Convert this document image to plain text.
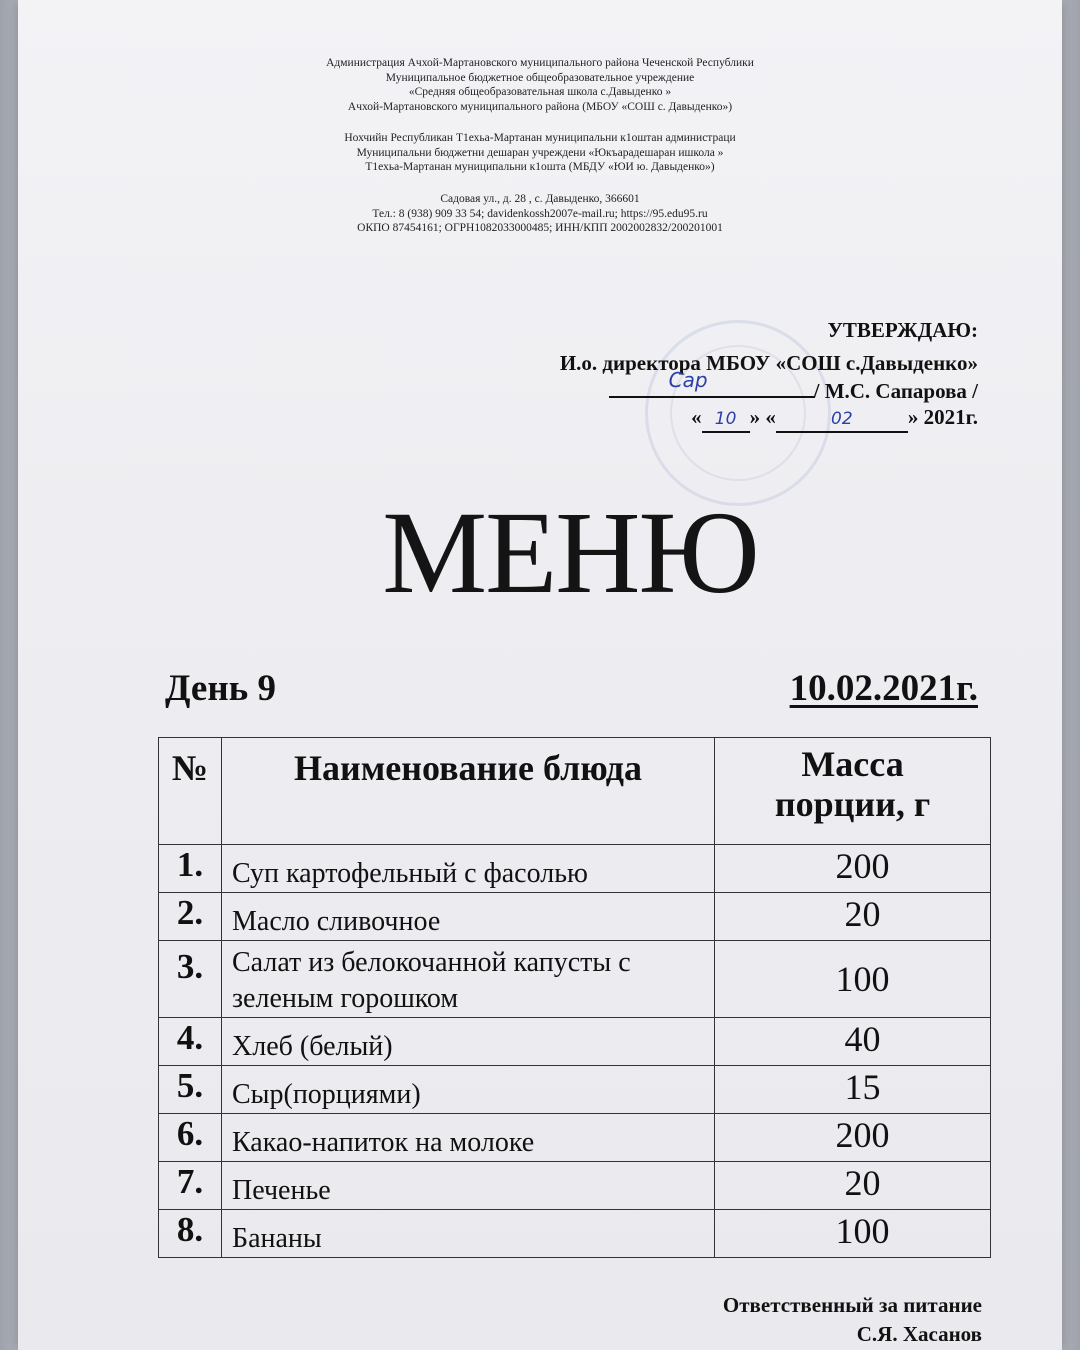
Администрация Ачхой-Мартановского муниципального района Чеченской Республики
Муниципальное бюджетное общеобразовательное учреждение
«Средняя общеобразовательная школа с.Давыденко »
Ачхой-Мартановского муниципального района (МБОУ «СОШ с. Давыденко»)
Нохчийн Республикан Т1ехьа-Мартанан муниципальни к1оштан администраци
Муниципальни бюджетни дешаран учреждени «Юкъарадешаран ишкола »
Т1ехьа-Мартанан муниципальни к1ошта (МБДУ «ЮИ ю. Давыденко»)
Садовая ул., д. 28 , с. Давыденко, 366601
Тел.: 8 (938) 909 33 54; davidenkossh2007e-mail.ru; https://95.edu95.ru
ОКПО 87454161; ОГРН1082033000485; ИНН/КПП 2002002832/200201001
УТВЕРЖДАЮ:
И.о. директора МБОУ «СОШ с.Давыденко»
Сар	/ М.С. Сапарова /
« 10 » «	02	» 2021г.
МЕНЮ
День 9	10.02.2021г.
№	Наименование блюда	Масса
порции, г

1.	Суп картофельный с фасолью	200
2.	Масло сливочное	20
3.	Салат из белокочанной капусты с
зеленым горошком	100
4.	Хлеб (белый)	40
5.	Сыр(порциями)	15
6.	Какао-напиток на молоке	200
7.	Печенье	20
8.	Бананы	100
Ответственный за питание
С.Я. Хасанов
